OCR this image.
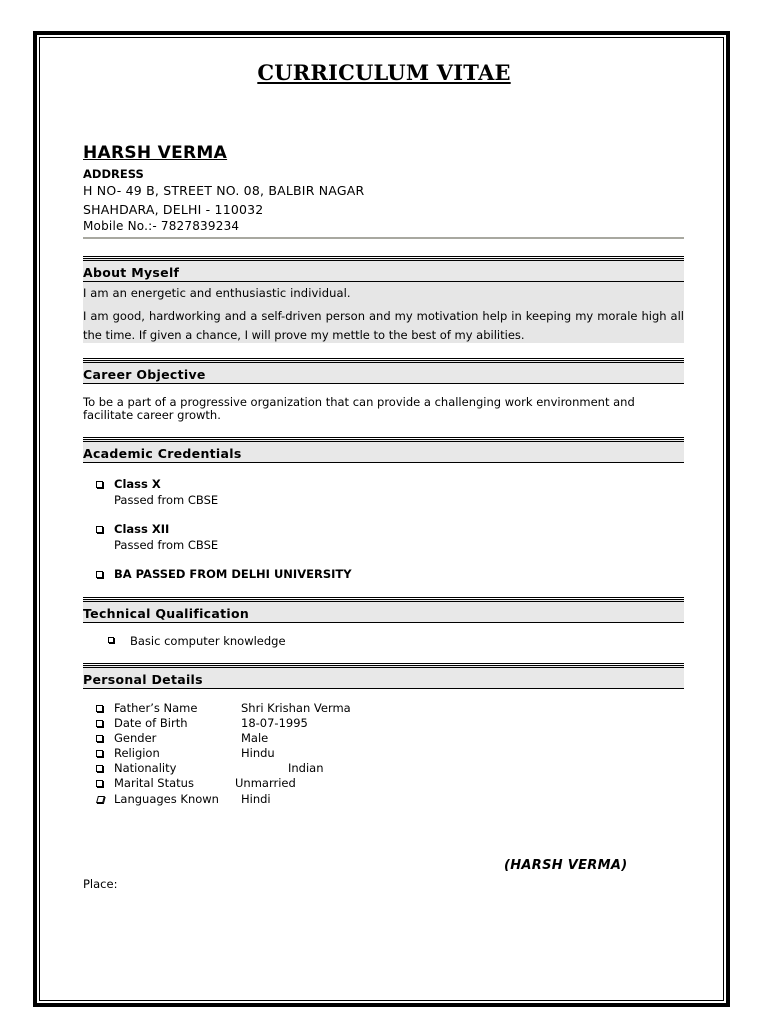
CURRICULUM VITAE
HARSH VERMA
ADDRESS
H NO- 49 B, STREET NO. 08, BALBIR NAGAR
SHAHDARA, DELHI - 110032
Mobile No.:- 7827839234
About Myself
I am an energetic and enthusiastic individual.
I am good, hardworking and a self-driven person and my motivation help in keeping my morale high all the time. If given a chance, I will prove my mettle to the best of my abilities.
Career Objective
To be a part of a progressive organization that can provide a challenging work environment and facilitate career growth.
Academic Credentials
Class X
Passed from CBSE
Class XII
Passed from CBSE
BA PASSED FROM DELHI UNIVERSITY
Technical Qualification
Basic computer knowledge
Personal Details
Father’s Name	Shri Krishan Verma
Date of Birth	18-07-1995
Gender	Male
Religion	Hindu
Nationality	Indian
Marital Status	Unmarried
Languages Known Hindi
(HARSH VERMA)
Place:
